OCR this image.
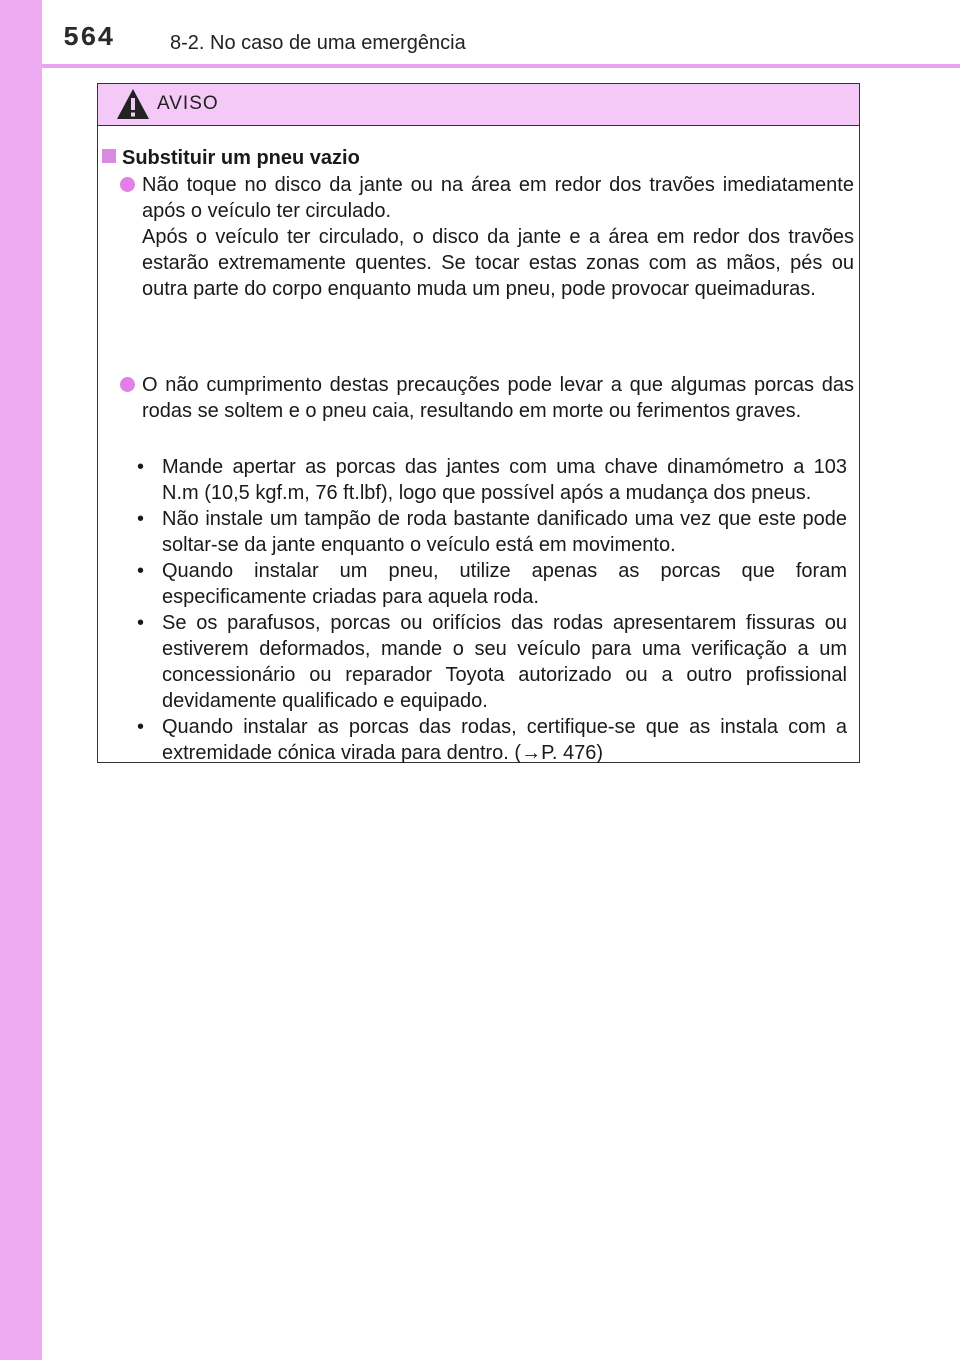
564	8-2. No caso de uma emergência
AVISO
Substituir um pneu vazio

Não toque no disco da jante ou na área em redor dos travões imediatamente após o veículo ter circulado.

Após o veículo ter circulado, o disco da jante e a área em redor dos travões estarão extremamente quentes. Se tocar estas zonas com as mãos, pés ou outra parte do corpo enquanto muda um pneu, pode provocar queimaduras.

O não cumprimento destas precauções pode levar a que algumas porcas das rodas se soltem e o pneu caia, resultando em morte ou ferimentos graves.

• Mande apertar as porcas das jantes com uma chave dinamómetro a 103 N.m (10,5 kgf.m, 76 ft.lbf), logo que possível após a mudança dos pneus.
• Não instale um tampão de roda bastante danificado uma vez que este pode soltar-se da jante enquanto o veículo está em movimento.
• Quando instalar um pneu, utilize apenas as porcas que foram especificamente criadas para aquela roda.
• Se os parafusos, porcas ou orifícios das rodas apresentarem fissuras ou estiverem deformados, mande o seu veículo para uma verificação a um concessionário ou reparador Toyota autorizado ou a outro profissional devidamente qualificado e equipado.
• Quando instalar as porcas das rodas, certifique-se que as instala com a extremidade cónica virada para dentro. (→P. 476)
